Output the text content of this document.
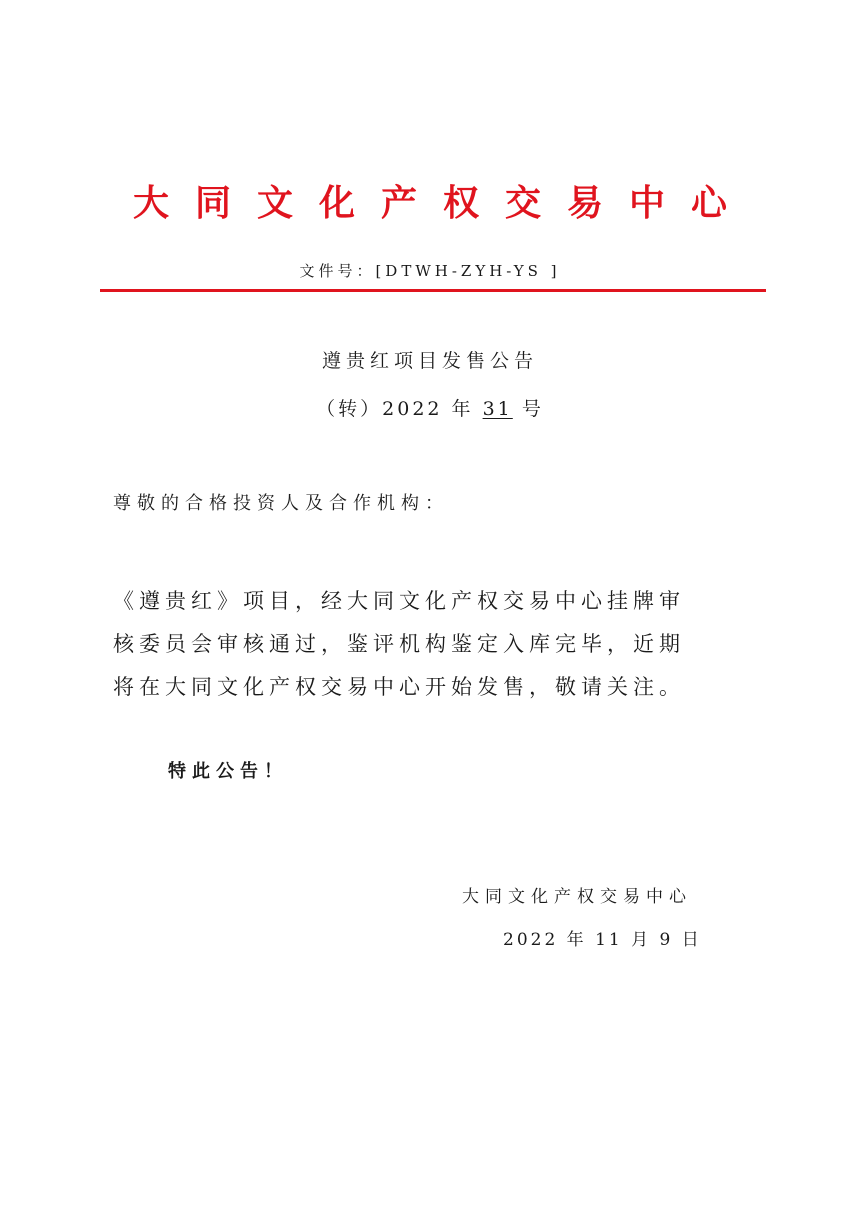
大同文化产权交易中心
文件号：[DTWH-ZYH-YS ]
遵贵红项目发售公告
（转）2022 年 31 号
尊敬的合格投资人及合作机构：
《遵贵红》项目，经大同文化产权交易中心挂牌审
核委员会审核通过，鉴评机构鉴定入库完毕，近期
将在大同文化产权交易中心开始发售，敬请关注。
特此公告！
大同文化产权交易中心
2022 年 11 月 9 日
